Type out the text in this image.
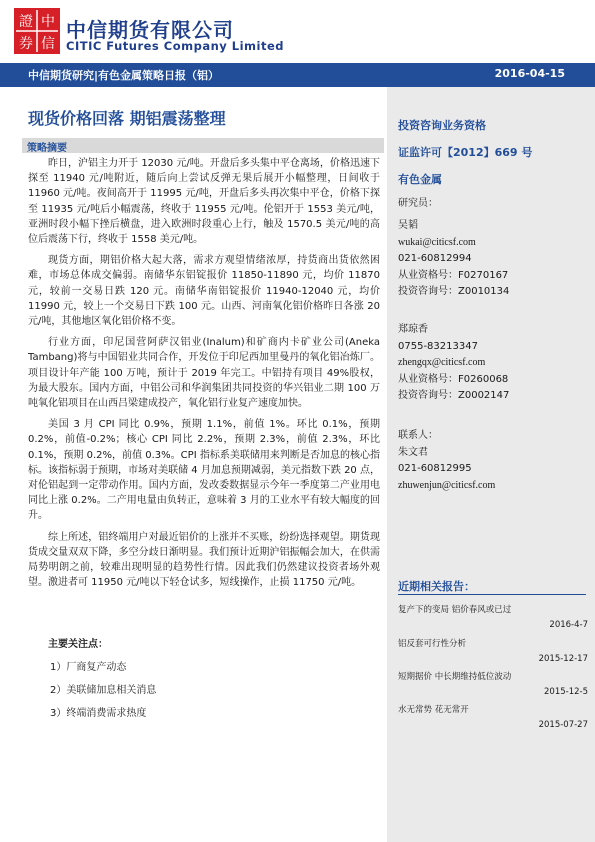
證 中
券 信
中信期货有限公司
CITIC Futures Company Limited
中信期货研究|有色金属策略日报（铝）	2016-04-15
现货价格回落 期铝震荡整理
策略摘要

昨日，沪铝主力开于 12030 元/吨。开盘后多头集中平仓离场，价格迅速下探至 11940 元/吨附近，随后向上尝试反弹无果后展开小幅整理，日间收于 11960 元/吨。夜间高开于 11995 元/吨，开盘后多头再次集中平仓，价格下探至 11935 元/吨后小幅震荡，终收于 11955 元/吨。伦铝开于 1553 美元/吨，亚洲时段小幅下挫后横盘，进入欧洲时段重心上行，触及 1570.5 美元/吨的高位后震荡下行，终收于 1558 美元/吨。

现货方面，期铝价格大起大落，需求方观望情绪浓厚，持货商出货依然困难，市场总体成交偏弱。南储华东铝锭报价 11850-11890 元，均价 11870 元，较前一交易日跌 120 元。南储华南铝锭报价 11940-12040 元，均价 11990 元，较上一个交易日下跌 100 元。山西、河南氧化铝价格昨日各涨 20 元/吨，其他地区氧化铝价格不变。

行业方面，印尼国营阿萨汉铝业(Inalum)和矿商内卡矿业公司(Aneka Tambang)将与中国铝业共同合作，开发位于印尼西加里曼丹的氧化铝冶炼厂。项目设计年产能 100 万吨，预计于 2019 年完工。中铝持有项目 49%股权，为最大股东。国内方面，中铝公司和华润集团共同投资的华兴铝业二期 100 万吨氧化铝项目在山西吕梁建成投产，氧化铝行业复产速度加快。

美国 3 月 CPI 同比 0.9%，预期 1.1%，前值 1%。环比 0.1%，预期 0.2%，前值-0.2%；核心 CPI 同比 2.2%，预期 2.3%，前值 2.3%，环比 0.1%，预期 0.2%，前值 0.3%。CPI 指标系美联储用来判断是否加息的核心指标。该指标弱于预期，市场对美联储 4 月加息预期减弱，美元指数下跌 20 点，对伦铝起到一定带动作用。国内方面，发改委数据显示今年一季度第二产业用电同比上涨 0.2%。二产用电量由负转正，意味着 3 月的工业水平有较大幅度的回升。

综上所述，铝终端用户对最近铝价的上涨并不买账，纷纷选择观望。期货现货成交量双双下降，多空分歧日渐明显。我们预计近期沪铝振幅会加大，在供需局势明朗之前，较难出现明显的趋势性行情。因此我们仍然建议投资者场外观望。激进者可 11950 元/吨以下轻仓试多，短线操作，止损 11750 元/吨。

主要关注点：
1）厂商复产动态
2）美联储加息相关消息
3）终端消费需求热度
投资咨询业务资格
证监许可【2012】669 号
有色金属
研究员：
吴韬
wukai@citicsf.com
021-60812994
从业资格号：F0270167
投资咨询号：Z0010134
郑琼香
0755-83213347
zhengqx@citicsf.com
从业资格号：F0260068
投资咨询号：Z0002147
联系人：
朱文君
021-60812995
zhuwenjun@citicsf.com
近期相关报告：
复产下的变局 铝价春风或已过
2016-4-7
铝反套可行性分析
2015-12-17
短期据价 中长期维持低位波动
2015-12-5
水无常势 花无常开
2015-07-27
